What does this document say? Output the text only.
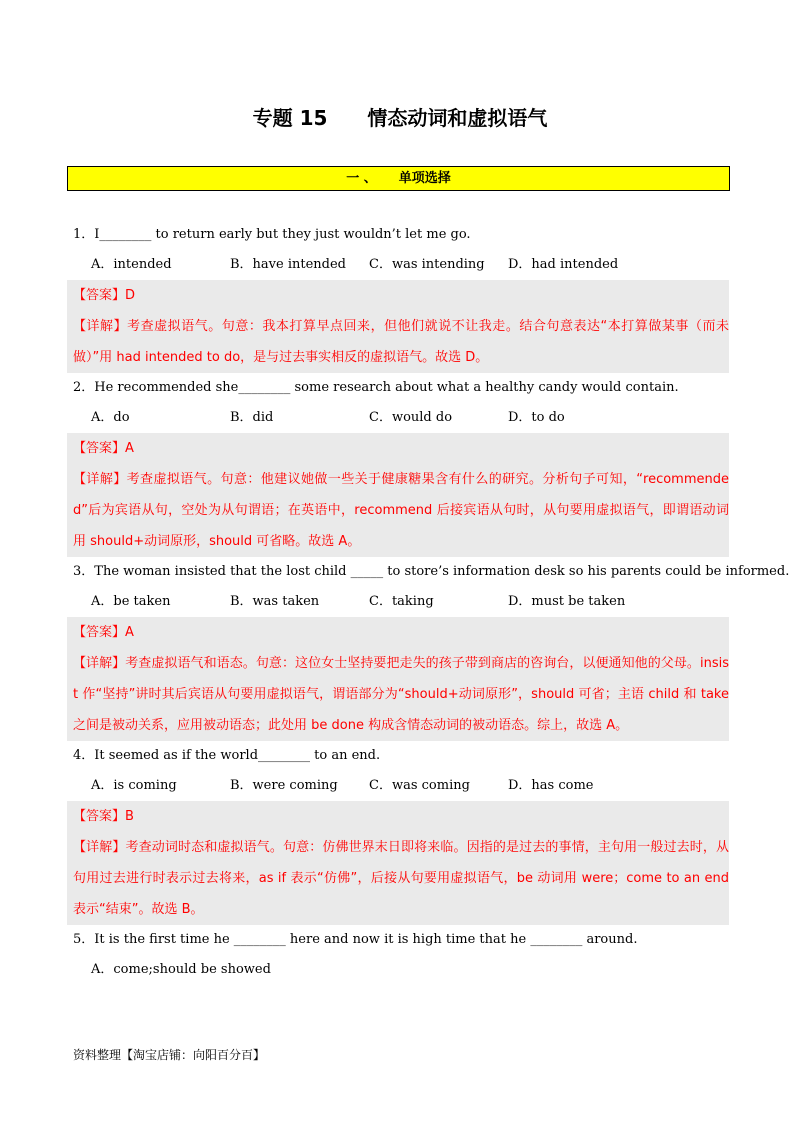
专题 15 情态动词和虚拟语气
一 、 单项选择
1．I________ to return early but they just wouldn’t let me go.
A．intended	B．have intended C．was intending D．had intended
【答案】D
【详解】考查虚拟语气。句意：我本打算早点回来，但他们就说不让我走。结合句意表达“本打算做某事（而未做）”用 had intended to do，是与过去事实相反的虚拟语气。故选 D。
2．He recommended she________ some research about what a healthy candy would contain.
A．do	B．did	C．would do	D．to do
【答案】A
【详解】考查虚拟语气。句意：他建议她做一些关于健康糖果含有什么的研究。分析句子可知，“recommended”后为宾语从句，空处为从句谓语；在英语中，recommend 后接宾语从句时，从句要用虚拟语气，即谓语动词用 should+动词原形，should 可省略。故选 A。
3．The woman insisted that the lost child _____ to store’s information desk so his parents could be informed.
A．be taken	B．was taken	C．taking	D．must be taken
【答案】A
【详解】考查虚拟语气和语态。句意：这位女士坚持要把走失的孩子带到商店的咨询台，以便通知他的父母。insist 作“坚持”讲时其后宾语从句要用虚拟语气，谓语部分为“should+动词原形”，should 可省；主语 child 和 take 之间是被动关系，应用被动语态；此处用 be done 构成含情态动词的被动语态。综上，故选 A。
4．It seemed as if the world________ to an end.
A．is coming	B．were coming C．was coming	D．has come
【答案】B
【详解】考查动词时态和虚拟语气。句意：仿佛世界末日即将来临。因指的是过去的事情，主句用一般过去时，从句用过去进行时表示过去将来，as if 表示“仿佛”，后接从句要用虚拟语气，be 动词用 were；come to an end 表示“结束”。故选 B。
5．It is the first time he ________ here and now it is high time that he ________ around.
A．come;should be showed
资料整理【淘宝店铺：向阳百分百】
